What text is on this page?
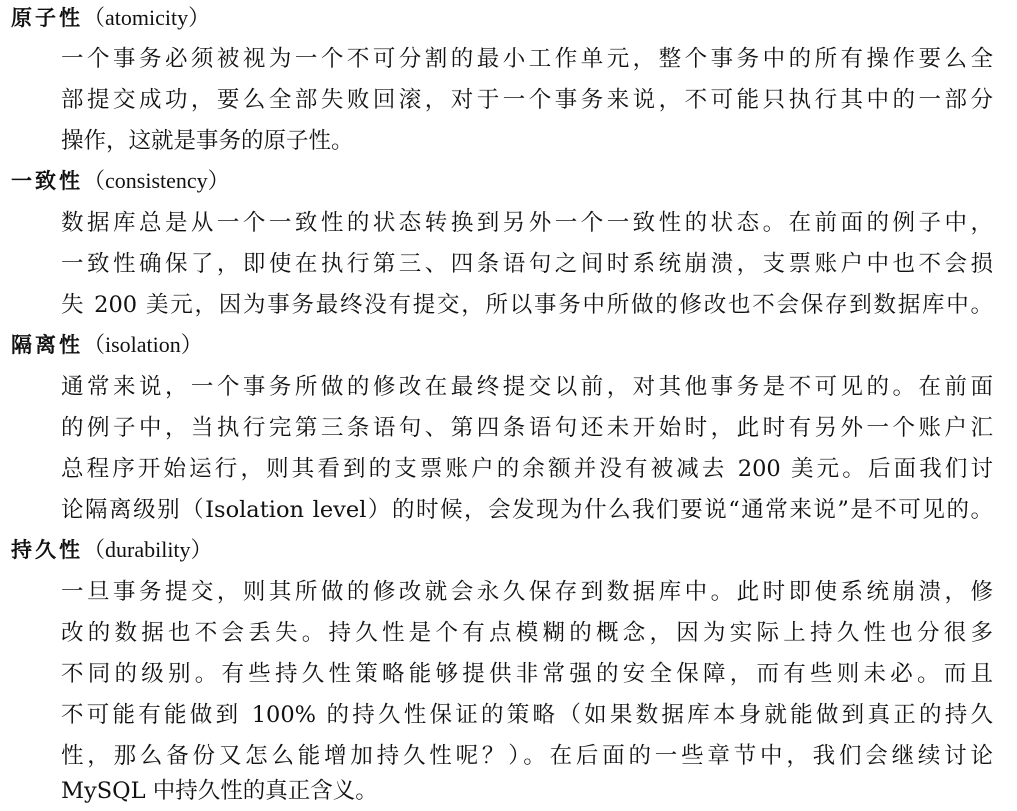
原子性（atomicity）
一个事务必须被视为一个不可分割的最小工作单元，整个事务中的所有操作要么全
部提交成功，要么全部失败回滚，对于一个事务来说，不可能只执行其中的一部分
操作，这就是事务的原子性。
一致性（consistency）
数据库总是从一个一致性的状态转换到另外一个一致性的状态。在前面的例子中，
一致性确保了，即使在执行第三、四条语句之间时系统崩溃，支票账户中也不会损
失 200 美元，因为事务最终没有提交，所以事务中所做的修改也不会保存到数据库中。
隔离性（isolation）
通常来说，一个事务所做的修改在最终提交以前，对其他事务是不可见的。在前面
的例子中，当执行完第三条语句、第四条语句还未开始时，此时有另外一个账户汇
总程序开始运行，则其看到的支票账户的余额并没有被减去 200 美元。后面我们讨
论隔离级别（Isolation level）的时候，会发现为什么我们要说“通常来说”是不可见的。
持久性（durability）
一旦事务提交，则其所做的修改就会永久保存到数据库中。此时即使系统崩溃，修
改的数据也不会丢失。持久性是个有点模糊的概念，因为实际上持久性也分很多
不同的级别。有些持久性策略能够提供非常强的安全保障，而有些则未必。而且
不可能有能做到 100% 的持久性保证的策略（如果数据库本身就能做到真正的持久
性，那么备份又怎么能增加持久性呢？）。在后面的一些章节中，我们会继续讨论
MySQL 中持久性的真正含义。
